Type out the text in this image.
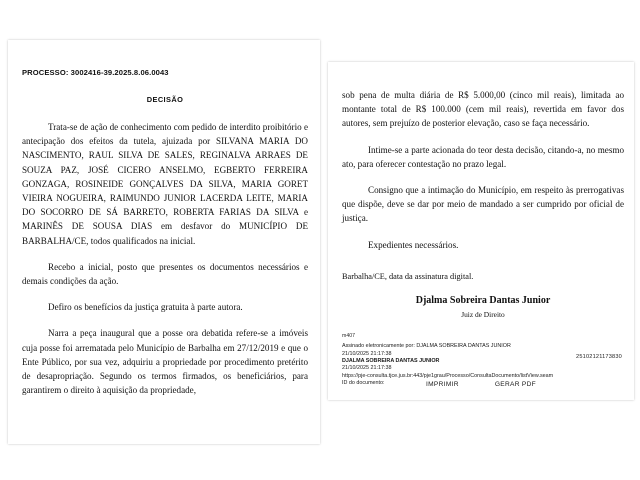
PROCESSO: 3002416-39.2025.8.06.0043
DECISÃO

Trata-se de ação de conhecimento com pedido de interdito proibitório e antecipação dos efeitos da tutela, ajuizada por SILVANA MARIA DO NASCIMENTO, RAUL SILVA DE SALES, REGINALVA ARRAES DE SOUZA PAZ, JOSÉ CICERO ANSELMO, EGBERTO FERREIRA GONZAGA, ROSINEIDE GONÇALVES DA SILVA, MARIA GORET VIEIRA NOGUEIRA, RAIMUNDO JUNIOR LACERDA LEITE, MARIA DO SOCORRO DE SÁ BARRETO, ROBERTA FARIAS DA SILVA e MARINÊS DE SOUSA DIAS em desfavor do MUNICÍPIO DE BARBALHA/CE, todos qualificados na inicial.

Recebo a inicial, posto que presentes os documentos necessários e demais condições da ação.

Defiro os benefícios da justiça gratuita à parte autora.

Narra a peça inaugural que a posse ora debatida refere-se a imóveis cuja posse foi arrematada pelo Município de Barbalha em 27/12/2019 e que o Ente Público, por sua vez, adquiriu a propriedade por procedimento pretérito de desapropriação. Segundo os termos firmados, os beneficiários, para garantirem o direito à aquisição da propriedade,

sob pena de multa diária de R$ 5.000,00 (cinco mil reais), limitada ao montante total de R$ 100.000 (cem mil reais), revertida em favor dos autores, sem prejuízo de posterior elevação, caso se faça necessário.

Intime-se a parte acionada do teor desta decisão, citando-a, no mesmo ato, para oferecer contestação no prazo legal.

Consigno que a intimação do Município, em respeito às prerrogativas que dispõe, deve se dar por meio de mandado a ser cumprido por oficial de justiça.

Expedientes necessários.

Barbalha/CE, data da assinatura digital.
Djalma Sobreira Dantas Junior
Juiz de Direito
m407
Assinado eletronicamente por: DJALMA SOBREIRA DANTAS JUNIOR
21/10/2025 21:17:38
DJALMA SOBREIRA DANTAS JUNIOR
21/10/2025 21:17:38
https://pje-consulta.tjce.jus.br:443/pje1grau/Processo/ConsultaDocumento/listView.seam
ID do documento:
25102121173830
IMPRIMIR	GERAR PDF
